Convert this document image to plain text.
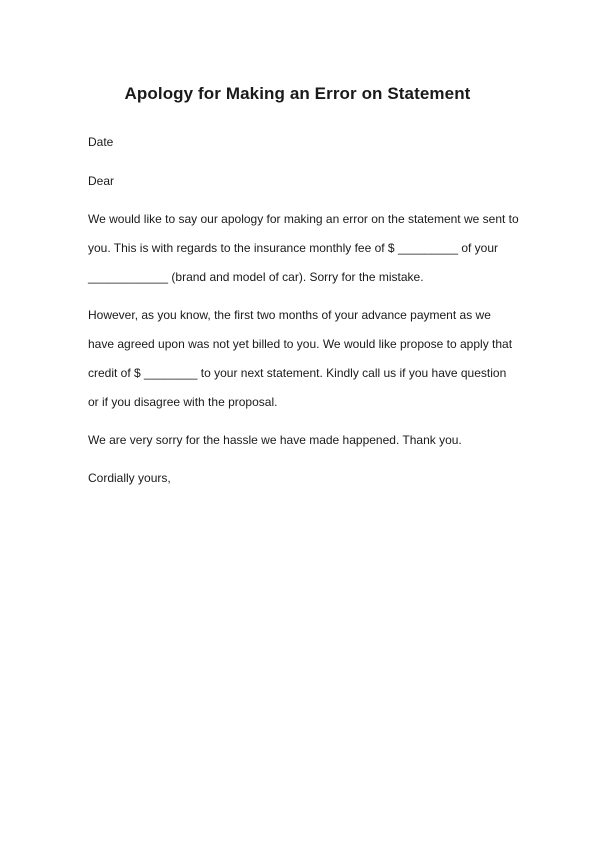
Apology for Making an Error on Statement
Date
Dear
We would like to say our apology for making an error on the statement we sent to
you. This is with regards to the insurance monthly fee of $ _________ of your
____________ (brand and model of car). Sorry for the mistake.
However, as you know, the first two months of your advance payment as we
have agreed upon was not yet billed to you. We would like propose to apply that
credit of $ ________ to your next statement. Kindly call us if you have question
or if you disagree with the proposal.
We are very sorry for the hassle we have made happened. Thank you.
Cordially yours,
